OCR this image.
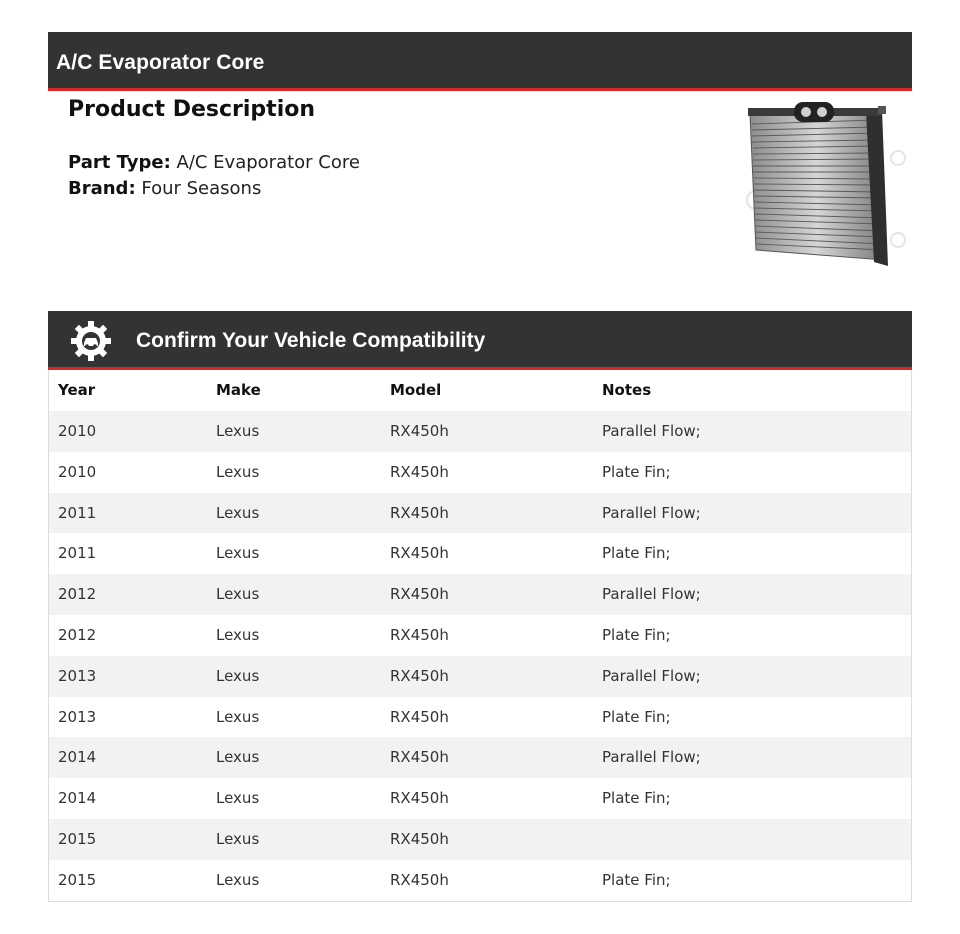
A/C Evaporator Core
Product Description
Part Type: A/C Evaporator Core
Brand: Four Seasons
Confirm Your Vehicle Compatibility
Year	Make	Model	Notes
2010	Lexus	RX450h	Parallel Flow;
2010	Lexus	RX450h	Plate Fin;
2011	Lexus	RX450h	Parallel Flow;
2011	Lexus	RX450h	Plate Fin;
2012	Lexus	RX450h	Parallel Flow;
2012	Lexus	RX450h	Plate Fin;
2013	Lexus	RX450h	Parallel Flow;
2013	Lexus	RX450h	Plate Fin;
2014	Lexus	RX450h	Parallel Flow;
2014	Lexus	RX450h	Plate Fin;
2015	Lexus	RX450h
2015	Lexus	RX450h	Plate Fin;
